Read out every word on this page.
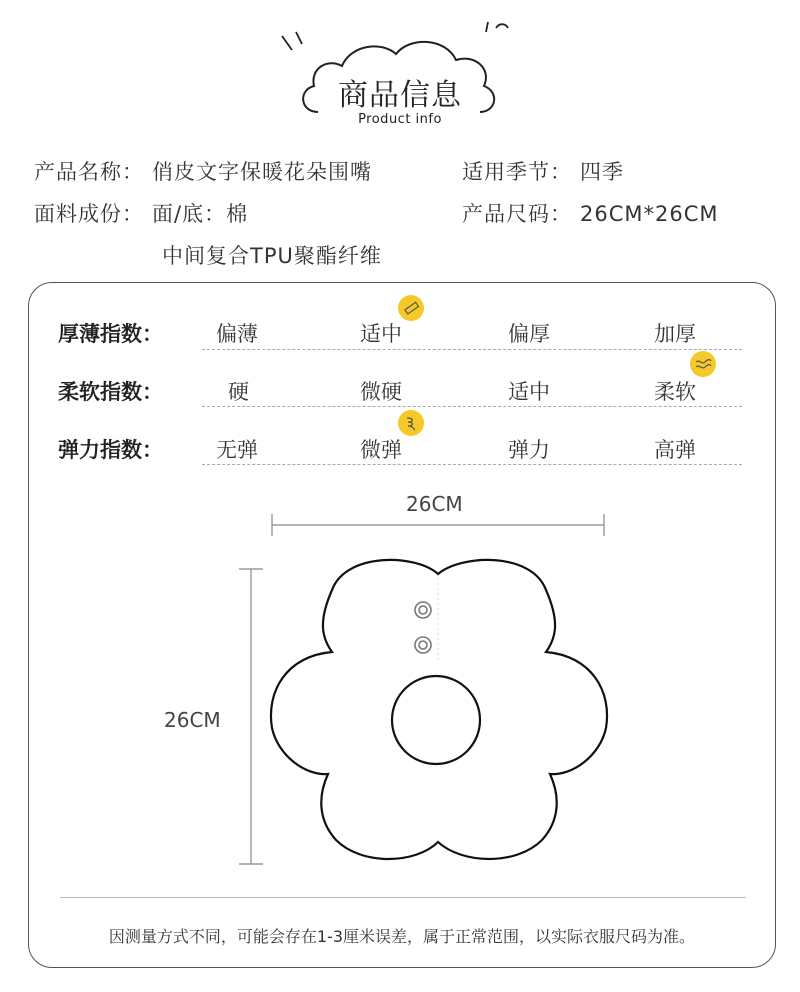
商品信息
Product info
产品名称： 俏皮文字保暖花朵围嘴	适用季节： 四季
面料成份： 面/底：棉	产品尺码： 26CM*26CM
中间复合TPU聚酯纤维
厚薄指数：	偏薄	适中	偏厚	加厚
柔软指数：	硬	微硬	适中	柔软
弹力指数：	无弹	微弹	弹力	高弹
26CM
26CM
因测量方式不同，可能会存在1-3厘米误差，属于正常范围，以实际衣服尺码为准。
